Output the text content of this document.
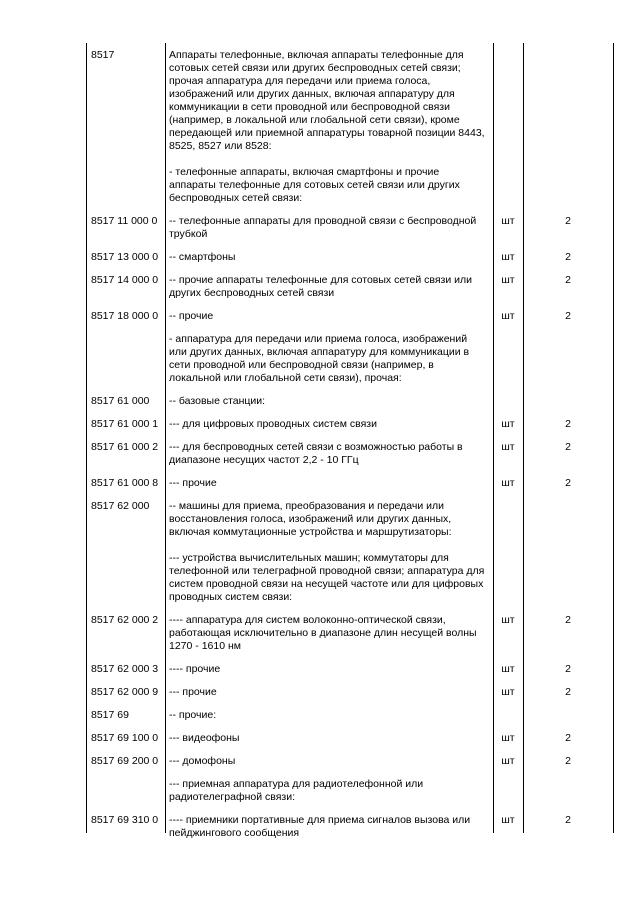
8517	Аппараты телефонные, включая аппараты телефонные для сотовых сетей связи или других беспроводных сетей связи; прочая аппаратура для передачи или приема голоса, изображений или других данных, включая аппаратуру для коммуникации в сети проводной или беспроводной связи (например, в локальной или глобальной сети связи), кроме передающей или приемной аппаратуры товарной позиции 8443, 8525, 8527 или 8528:

- телефонные аппараты, включая смартфоны и прочие аппараты телефонные для сотовых сетей связи или других беспроводных сетей связи:		

8517 11 000 0	-- телефонные аппараты для проводной связи с беспроводной трубкой	шт	2
8517 13 000 0	-- смартфоны	шт	2
8517 14 000 0	-- прочие аппараты телефонные для сотовых сетей связи или других беспроводных сетей связи	шт	2
8517 18 000 0	-- прочие	шт	2

	- аппаратура для передачи или приема голоса, изображений или других данных, включая аппаратуру для коммуникации в сети проводной или беспроводной связи (например, в локальной или глобальной сети связи), прочая:		

8517 61 000	-- базовые станции:		

8517 61 000 1	--- для цифровых проводных систем связи	шт	2
8517 61 000 2	--- для беспроводных сетей связи с возможностью работы в диапазоне несущих частот 2,2 - 10 ГГц	шт	2
8517 61 000 8	--- прочие	шт	2
8517 62 000	-- машины для приема, преобразования и передачи или восстановления голоса, изображений или других данных, включая коммутационные устройства и маршрутизаторы:

--- устройства вычислительных машин; коммутаторы для телефонной или телеграфной проводной связи; аппаратура для систем проводной связи на несущей частоте или для цифровых проводных систем связи:		

8517 62 000 2	---- аппаратура для систем волоконно-оптической связи, работающая исключительно в диапазоне длин несущей волны 1270 - 1610 нм	шт	2
8517 62 000 3	---- прочие	шт	2
8517 62 000 9	--- прочие	шт	2
8517 69	-- прочие:		

8517 69 100 0	--- видеофоны	шт	2
8517 69 200 0	--- домофоны	шт	2

	--- приемная аппаратура для радиотелефонной или радиотелеграфной связи:		

8517 69 310 0	---- приемники портативные для приема сигналов вызова или пейджингового сообщения	шт	2
